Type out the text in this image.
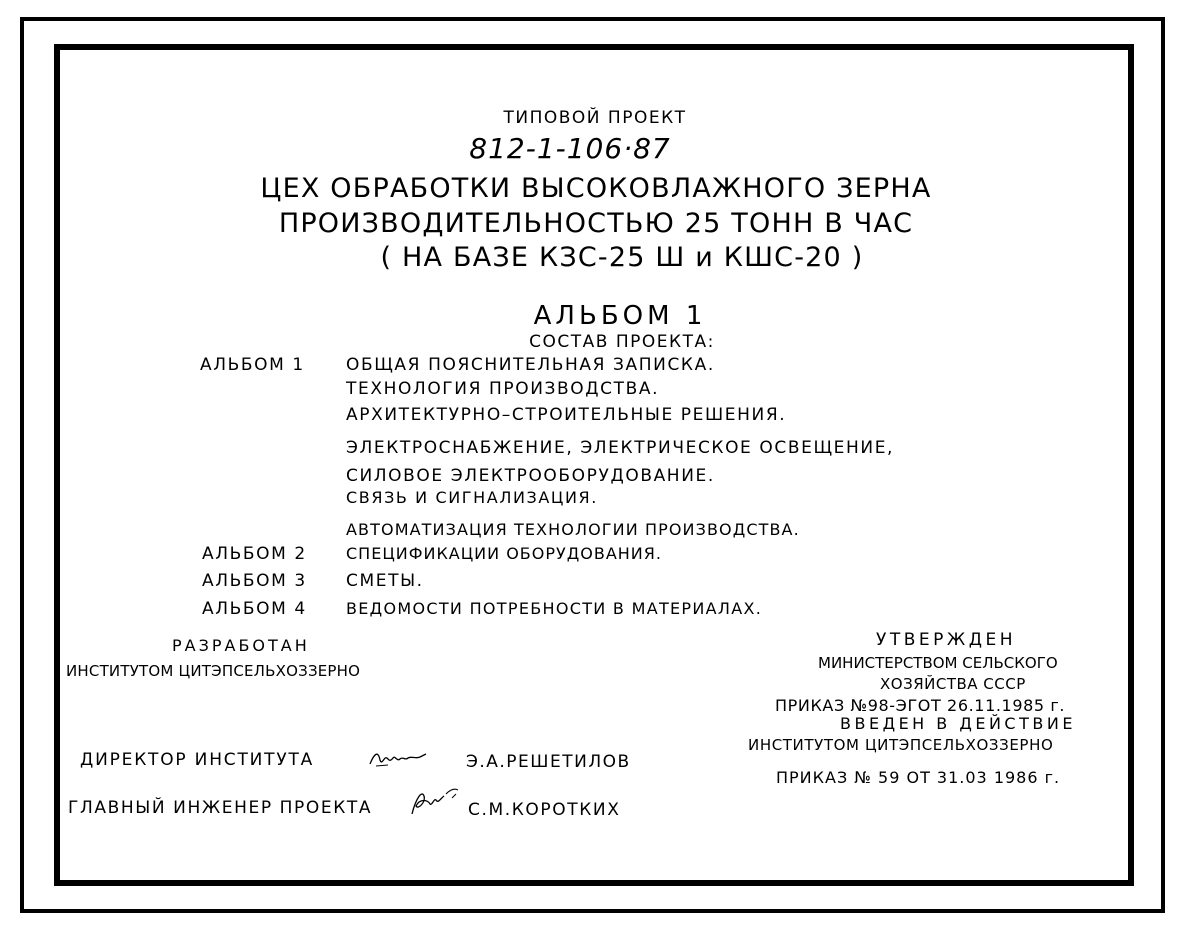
ТИПОВОЙ ПРОЕКТ
812-1-106·87
ЦЕХ ОБРАБОТКИ ВЫСОКОВЛАЖНОГО ЗЕРНА
ПРОИЗВОДИТЕЛЬНОСТЬЮ 25 ТОНН В ЧАС
( НА БАЗЕ КЗС-25 Ш и КШС-20 )
АЛЬБОМ 1
СОСТАВ ПРОЕКТА:
АЛЬБОМ 1 ОБЩАЯ ПОЯСНИТЕЛЬНАЯ ЗАПИСКА.
ТЕХНОЛОГИЯ ПРОИЗВОДСТВА.
АРХИТЕКТУРНО–СТРОИТЕЛЬНЫЕ РЕШЕНИЯ.
ЭЛЕКТРОСНАБЖЕНИЕ, ЭЛЕКТРИЧЕСКОЕ ОСВЕЩЕНИЕ,
СИЛОВОЕ ЭЛЕКТРООБОРУДОВАНИЕ.
СВЯЗЬ И СИГНАЛИЗАЦИЯ.
АВТОМАТИЗАЦИЯ ТЕХНОЛОГИИ ПРОИЗВОДСТВА.
АЛЬБОМ 2 СПЕЦИФИКАЦИИ ОБОРУДОВАНИЯ.
АЛЬБОМ 3 СМЕТЫ.
АЛЬБОМ 4 ВЕДОМОСТИ ПОТРЕБНОСТИ В МАТЕРИАЛАХ.
РАЗРАБОТАН
ИНСТИТУТОМ ЦИТЭПСЕЛЬХОЗЗЕРНО
УТВЕРЖДЕН
МИНИСТЕРСТВОМ СЕЛЬСКОГО
ХОЗЯЙСТВА СССР
ПРИКАЗ №98-ЭГОТ 26.11.1985 г.
ВВЕДЕН В ДЕЙСТВИЕ
ИНСТИТУТОМ ЦИТЭПСЕЛЬХОЗЗЕРНО
ПРИКАЗ № 59 ОТ 31.03 1986 г.
ДИРЕКТОР ИНСТИТУТА	Э.А.РЕШЕТИЛОВ
ГЛАВНЫЙ ИНЖЕНЕР ПРОЕКТА	С.М.КОРОТКИХ
